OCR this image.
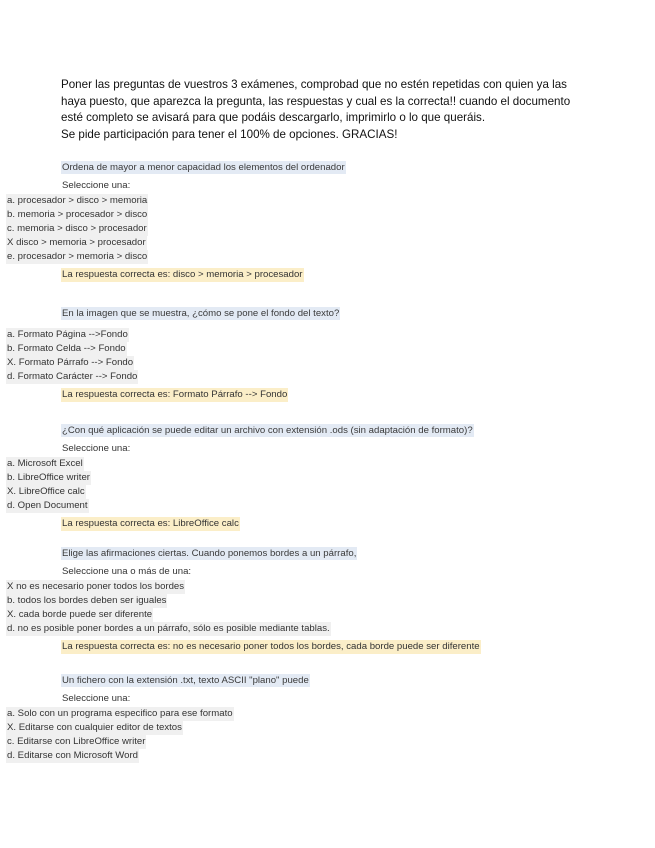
Poner las preguntas de vuestros 3 exámenes, comprobad que no estén repetidas con quien ya las

haya puesto, que aparezca la pregunta, las respuestas y cual es la correcta!! cuando el documento

esté completo se avisará para que podáis descargarlo, imprimirlo o lo que queráis.

Se pide participación para tener el 100% de opciones. GRACIAS!

Ordena de mayor a menor capacidad los elementos del ordenador
Seleccione una:
a. procesador > disco > memoria
b. memoria > procesador > disco
c. memoria > disco > procesador
X disco > memoria > procesador
e. procesador > memoria > disco
La respuesta correcta es: disco > memoria > procesador
En la imagen que se muestra, ¿cómo se pone el fondo del texto?
a. Formato Página -->Fondo
b. Formato Celda --> Fondo
X. Formato Párrafo --> Fondo
d. Formato Carácter --> Fondo
La respuesta correcta es: Formato Párrafo --> Fondo
¿Con qué aplicación se puede editar un archivo con extensión .ods (sin adaptación de formato)?
Seleccione una:
a. Microsoft Excel
b. LibreOffice writer
X. LibreOffice calc
d. Open Document
La respuesta correcta es: LibreOffice calc
Elige las afirmaciones ciertas. Cuando ponemos bordes a un párrafo,
Seleccione una o más de una:
X no es necesario poner todos los bordes
b. todos los bordes deben ser iguales
X. cada borde puede ser diferente
d. no es posible poner bordes a un párrafo, sólo es posible mediante tablas.
La respuesta correcta es: no es necesario poner todos los bordes, cada borde puede ser diferente
Un fichero con la extensión .txt, texto ASCII "plano" puede
Seleccione una:
a. Solo con un programa especifico para ese formato
X. Editarse con cualquier editor de textos
c. Editarse con LibreOffice writer
d. Editarse con Microsoft Word
